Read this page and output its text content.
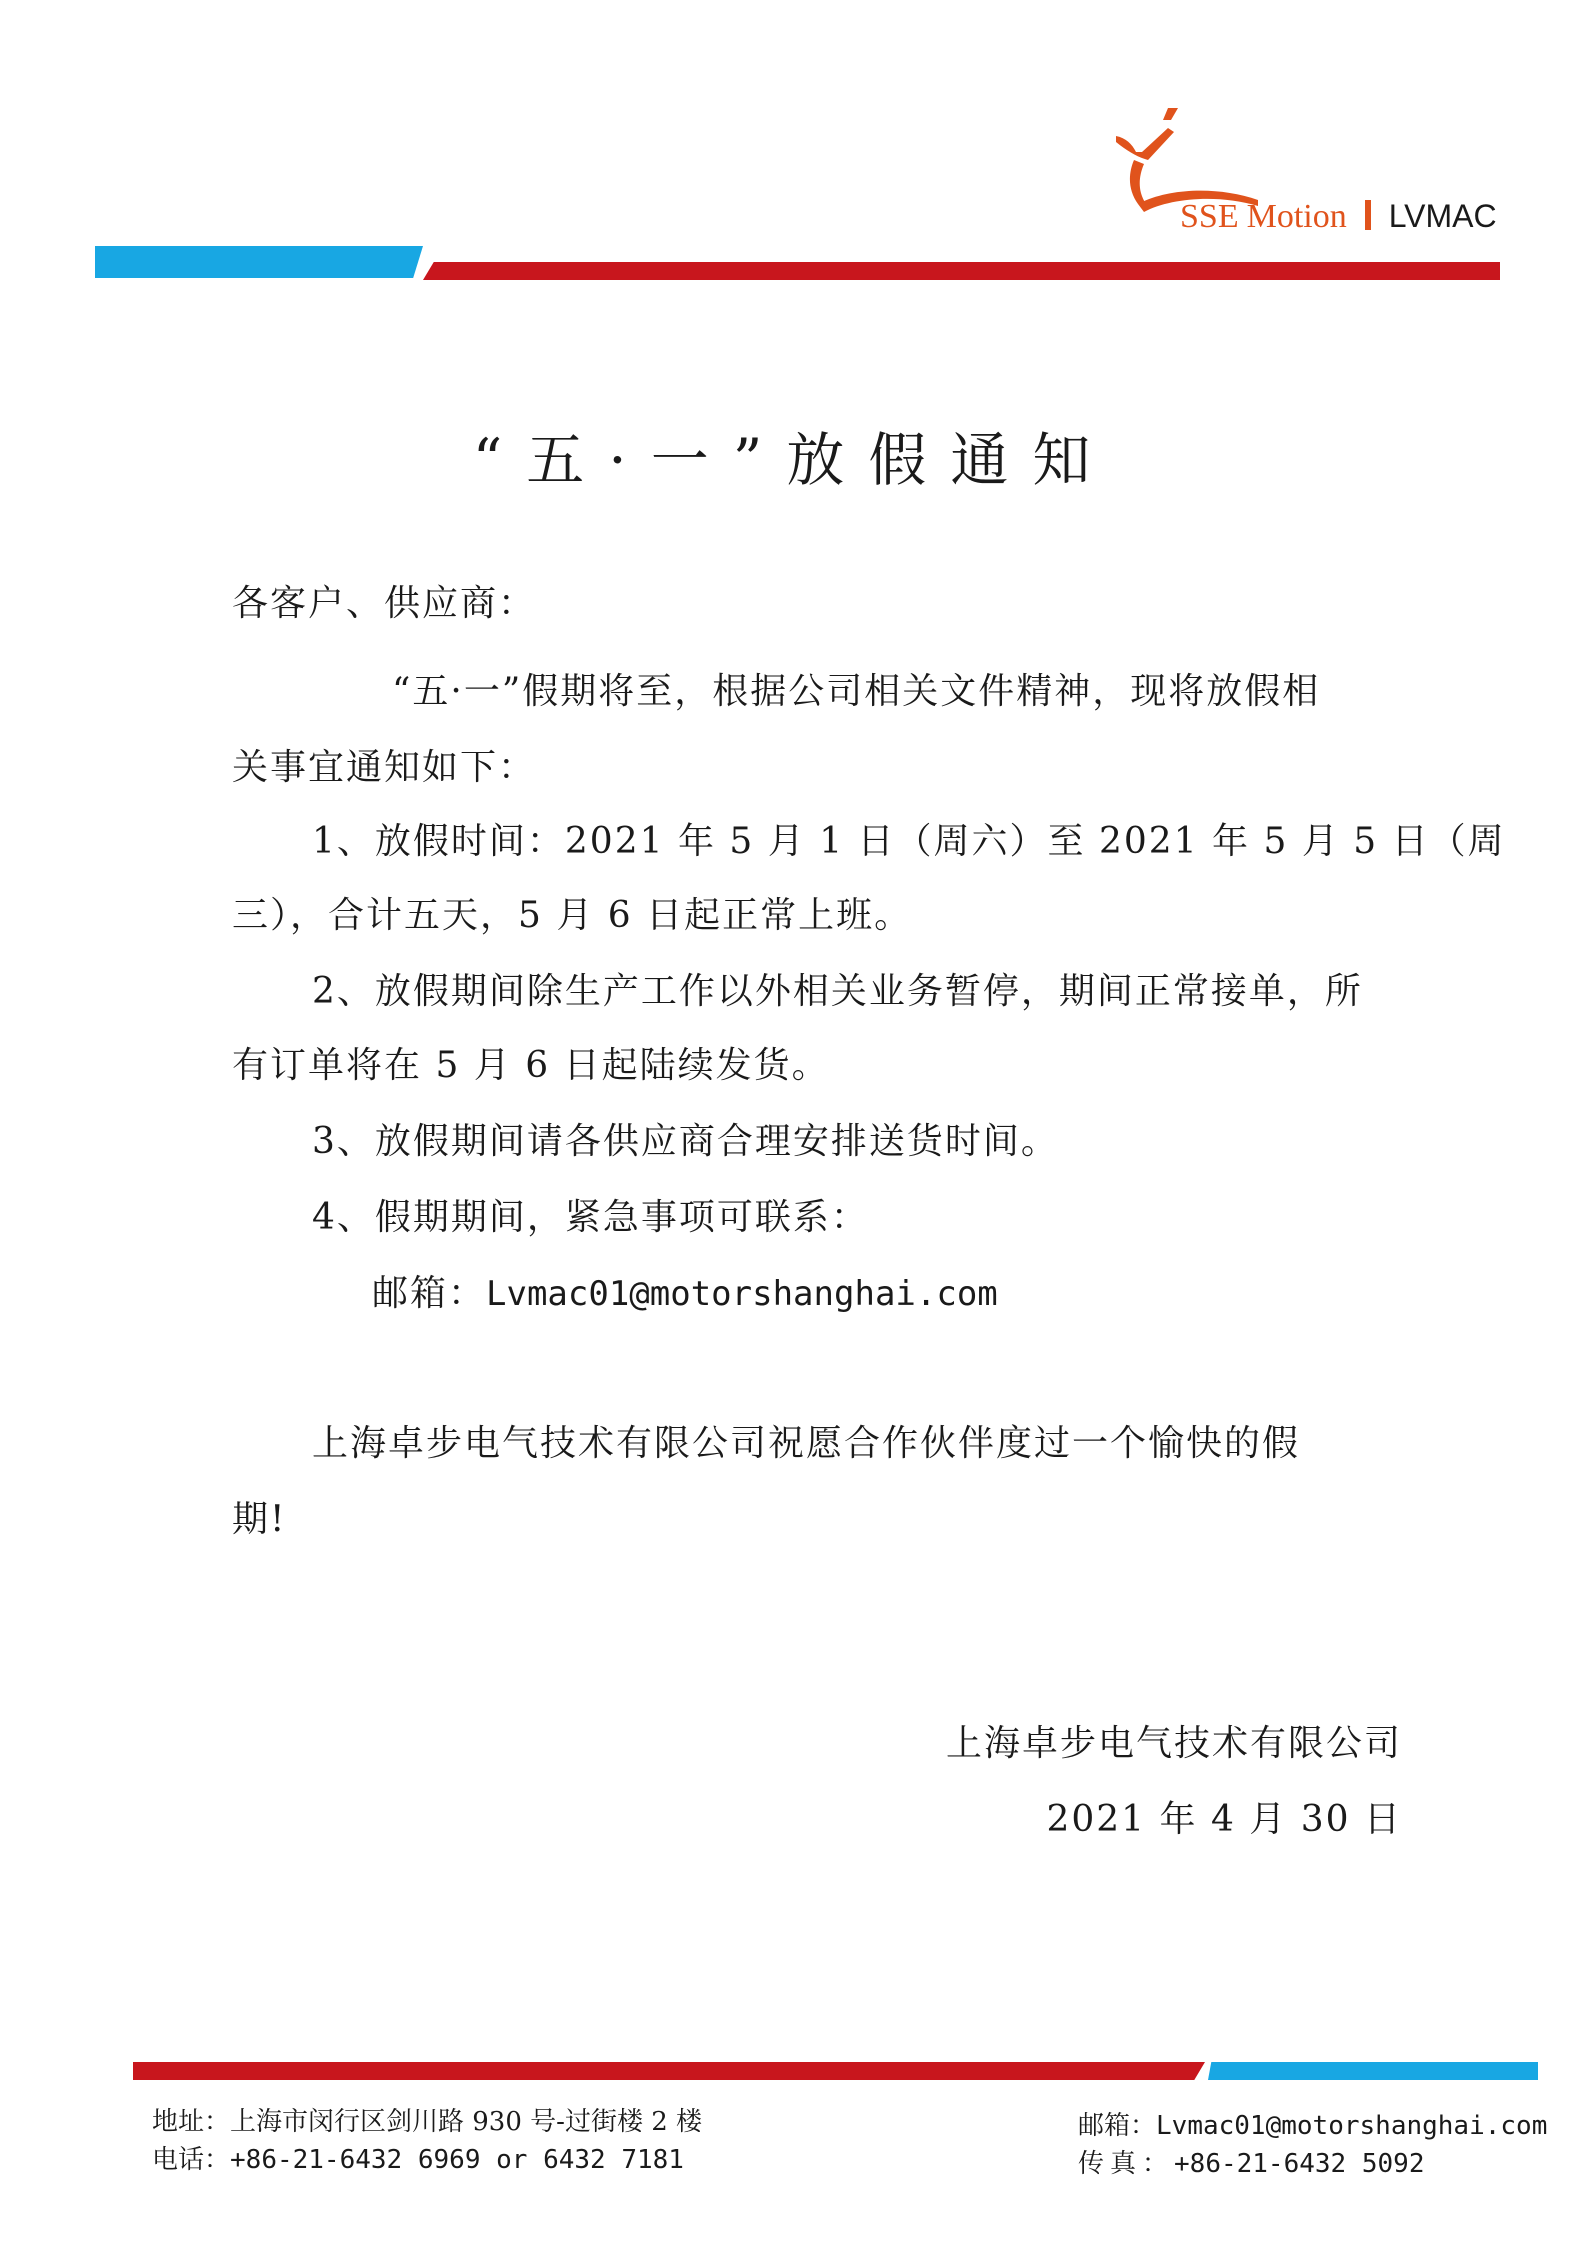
SSE Motion LVMAC
“五·一”放假通知
各客户、供应商：
“五·一”假期将至，根据公司相关文件精神，现将放假相
关事宜通知如下：
1、放假时间：2021 年 5 月 1 日（周六）至 2021 年 5 月 5 日（周
三），合计五天，5 月 6 日起正常上班。
2、放假期间除生产工作以外相关业务暂停，期间正常接单，所
有订单将在 5 月 6 日起陆续发货。
3、放假期间请各供应商合理安排送货时间。
4、假期期间，紧急事项可联系：
邮箱：Lvmac01@motorshanghai.com
上海卓步电气技术有限公司祝愿合作伙伴度过一个愉快的假
期!
上海卓步电气技术有限公司
2021 年 4 月 30 日
地址：上海市闵行区剑川路 930 号-过街楼 2 楼
电话：+86-21-6432 6969 or 6432 7181
邮箱：Lvmac01@motorshanghai.com
传真：+86-21-6432 5092
